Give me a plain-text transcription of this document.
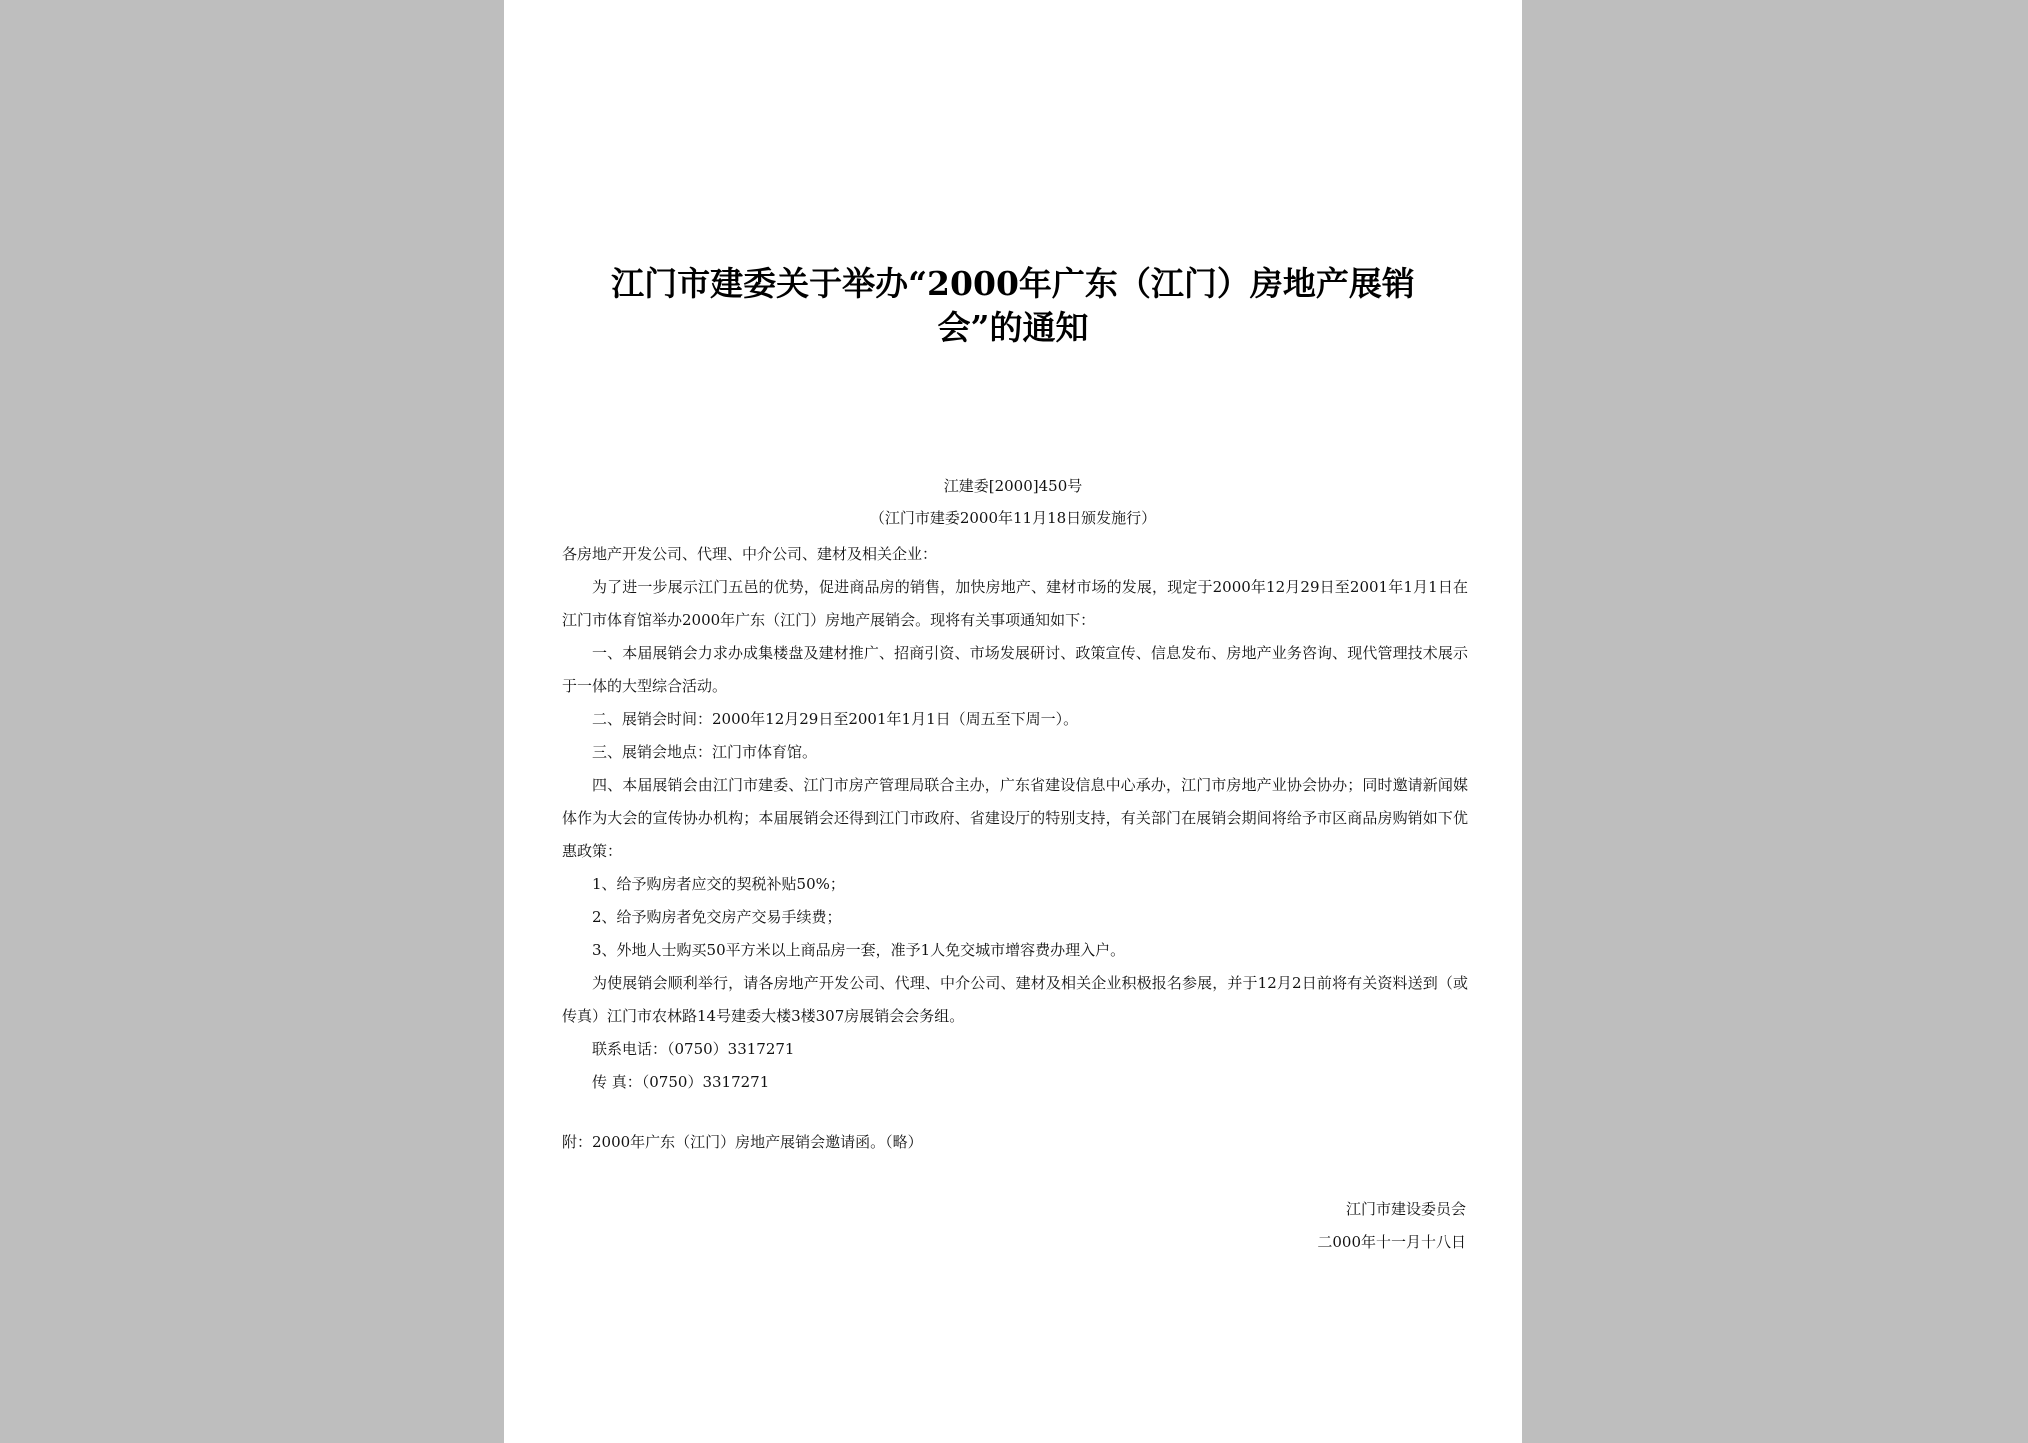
江门市建委关于举办“2000年广东（江门）房地产展销
会”的通知
江建委[2000]450号
（江门市建委2000年11月18日颁发施行）

各房地产开发公司、代理、中介公司、建材及相关企业：

为了进一步展示江门五邑的优势，促进商品房的销售，加快房地产、建材市场的发展，现定于2000年12月29日至2001年1月1日在江门市体育馆举办2000年广东（江门）房地产展销会。现将有关事项通知如下：

一、本届展销会力求办成集楼盘及建材推广、招商引资、市场发展研讨、政策宣传、信息发布、房地产业务咨询、现代管理技术展示于一体的大型综合活动。

二、展销会时间：2000年12月29日至2001年1月1日（周五至下周一）。

三、展销会地点：江门市体育馆。

四、本届展销会由江门市建委、江门市房产管理局联合主办，广东省建设信息中心承办，江门市房地产业协会协办；同时邀请新闻媒体作为大会的宣传协办机构；本届展销会还得到江门市政府、省建设厅的特别支持，有关部门在展销会期间将给予市区商品房购销如下优惠政策：

1、给予购房者应交的契税补贴50%；

2、给予购房者免交房产交易手续费；

3、外地人士购买50平方米以上商品房一套，准予1人免交城市增容费办理入户。

为使展销会顺利举行，请各房地产开发公司、代理、中介公司、建材及相关企业积极报名参展，并于12月2日前将有关资料送到（或传真）江门市农林路14号建委大楼3楼307房展销会会务组。

联系电话：（0750）3317271

传 真：（0750）3317271

附：2000年广东（江门）房地产展销会邀请函。（略）
江门市建设委员会
二000年十一月十八日
